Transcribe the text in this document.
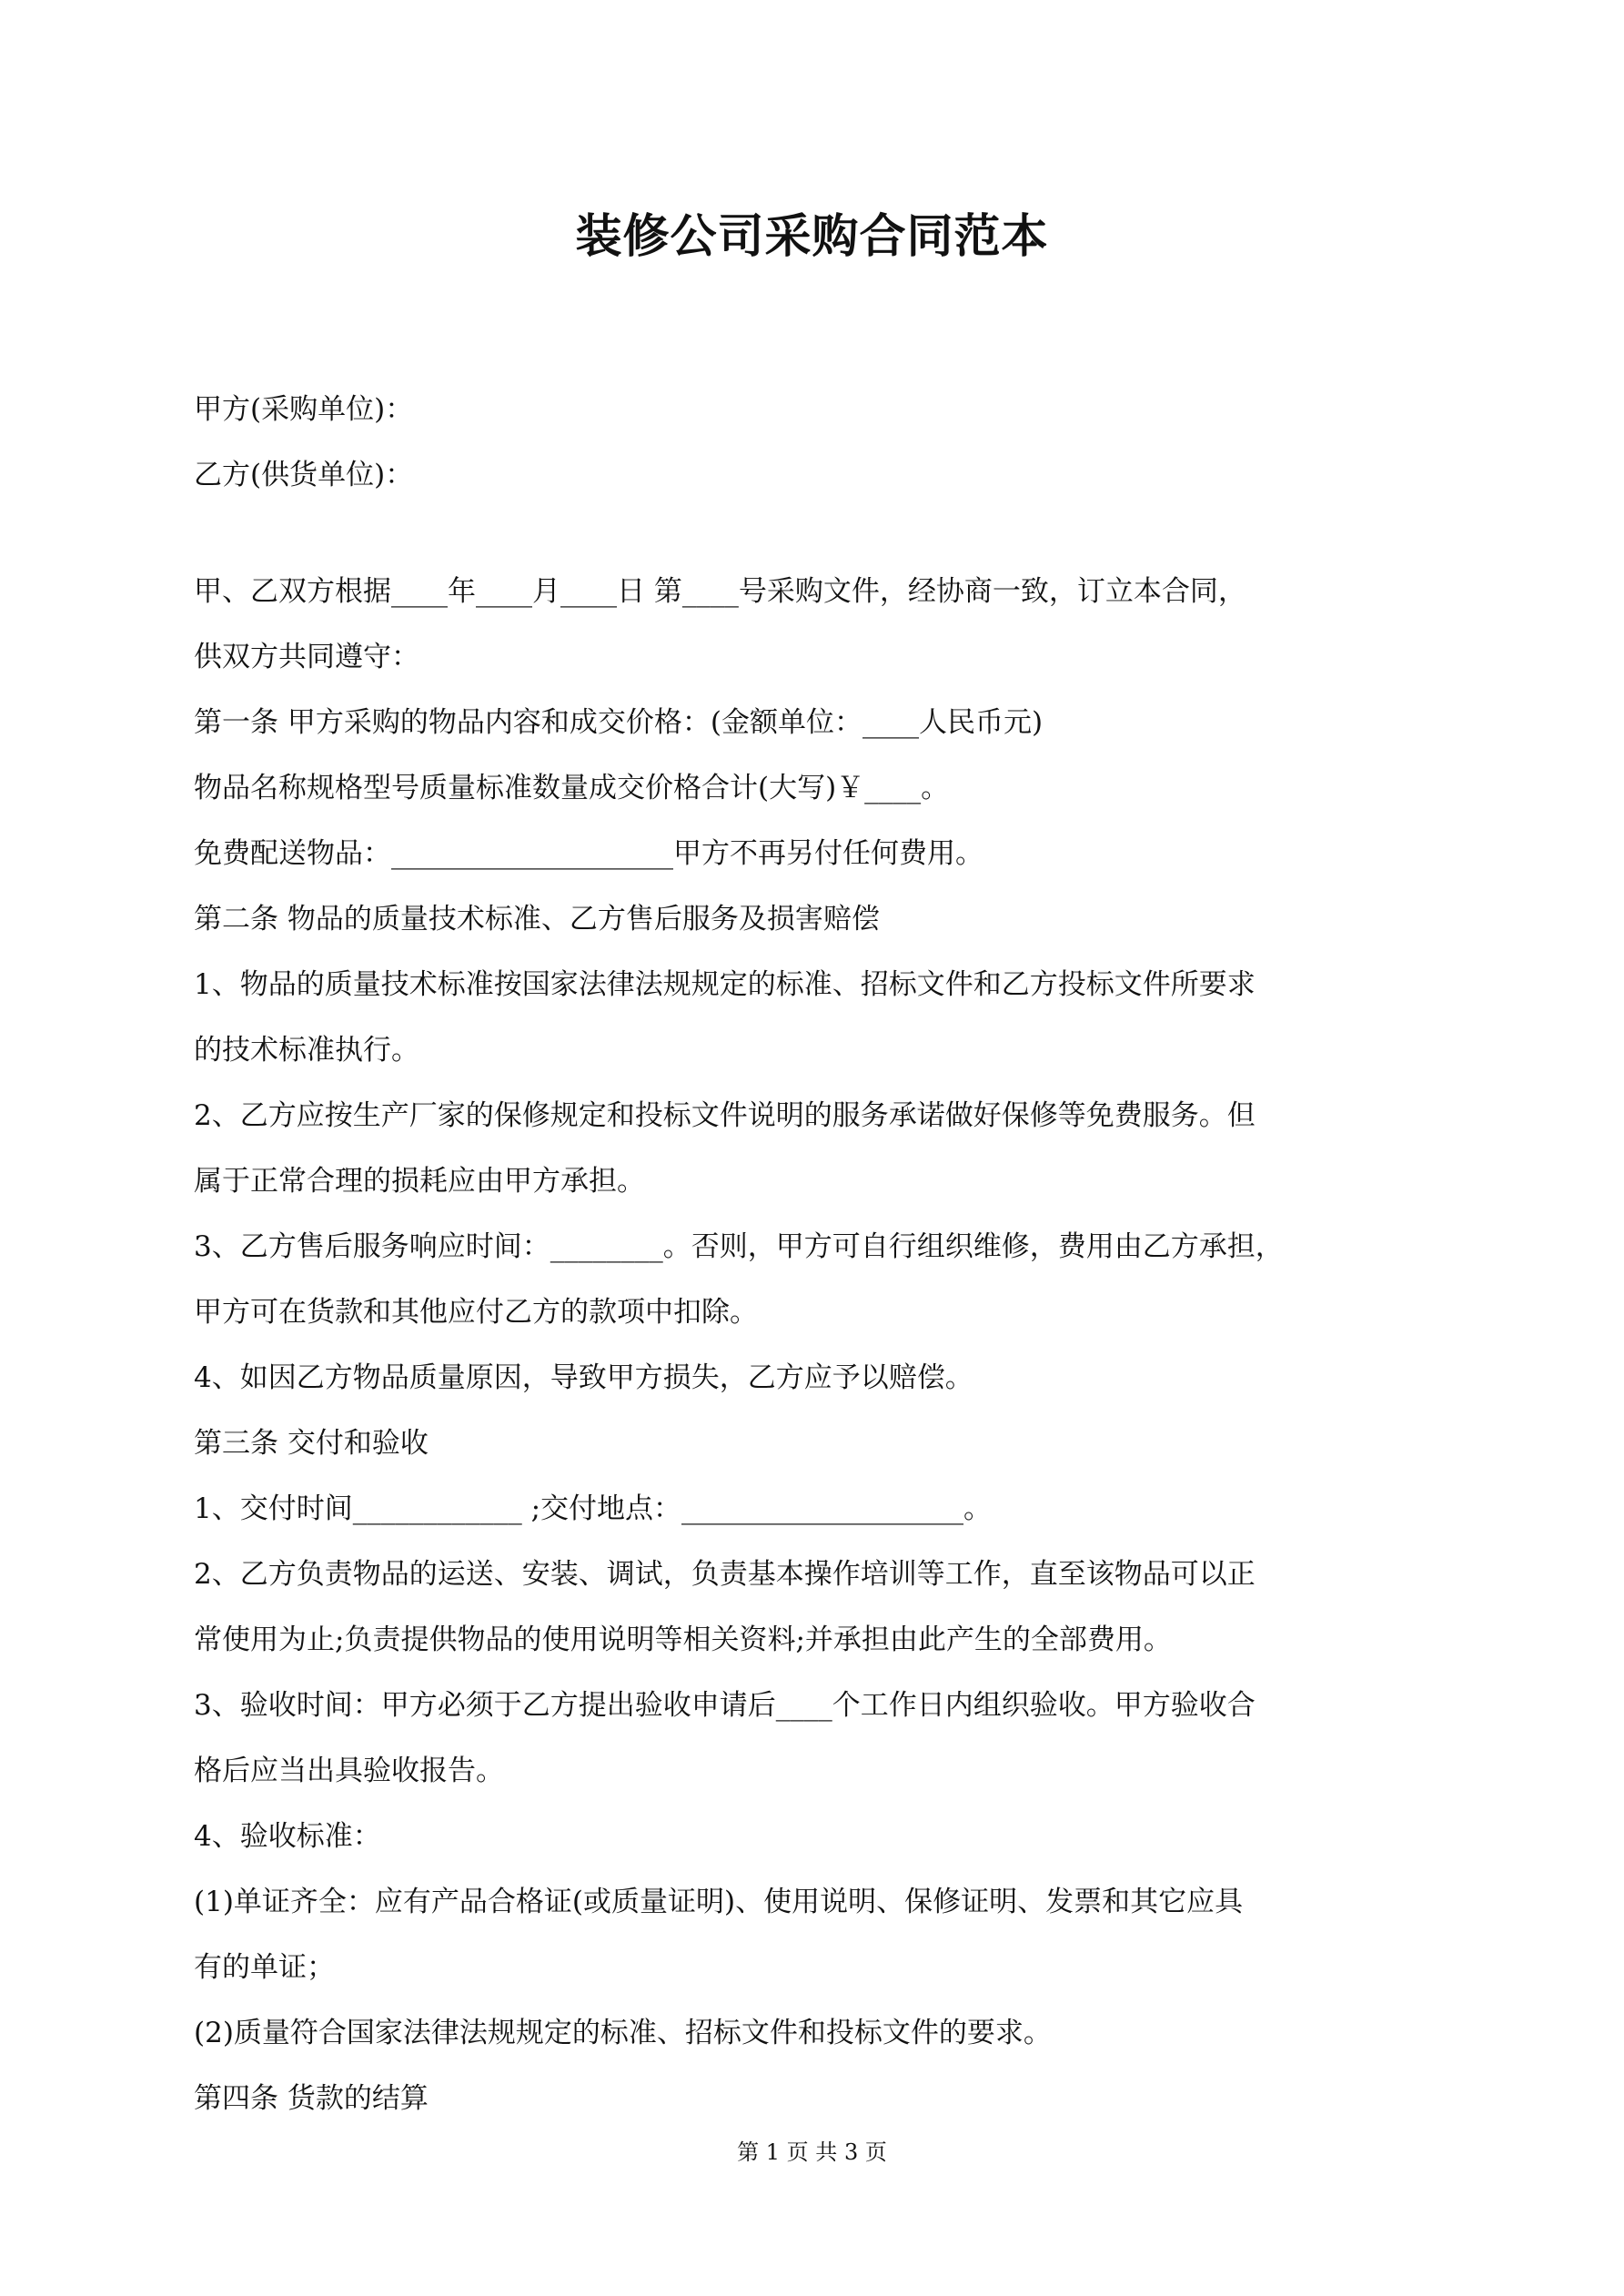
装修公司采购合同范本
甲方(采购单位)：
乙方(供货单位)：
甲、乙双方根据____年____月____日 第____号采购文件，经协商一致，订立本合同，
供双方共同遵守：
第一条 甲方采购的物品内容和成交价格：(金额单位：____人民币元)
物品名称规格型号质量标准数量成交价格合计(大写)￥____。
免费配送物品：____________________甲方不再另付任何费用。
第二条 物品的质量技术标准、乙方售后服务及损害赔偿
1、物品的质量技术标准按国家法律法规规定的标准、招标文件和乙方投标文件所要求
的技术标准执行。
2、乙方应按生产厂家的保修规定和投标文件说明的服务承诺做好保修等免费服务。但
属于正常合理的损耗应由甲方承担。
3、乙方售后服务响应时间：________。否则，甲方可自行组织维修，费用由乙方承担，
甲方可在货款和其他应付乙方的款项中扣除。
4、如因乙方物品质量原因，导致甲方损失，乙方应予以赔偿。
第三条 交付和验收
1、交付时间____________ ;交付地点：____________________。
2、乙方负责物品的运送、安装、调试，负责基本操作培训等工作，直至该物品可以正
常使用为止;负责提供物品的使用说明等相关资料;并承担由此产生的全部费用。
3、验收时间：甲方必须于乙方提出验收申请后____个工作日内组织验收。甲方验收合
格后应当出具验收报告。
4、验收标准：
(1)单证齐全：应有产品合格证(或质量证明)、使用说明、保修证明、发票和其它应具
有的单证；
(2)质量符合国家法律法规规定的标准、招标文件和投标文件的要求。
第四条 货款的结算
第 1 页 共 3 页
